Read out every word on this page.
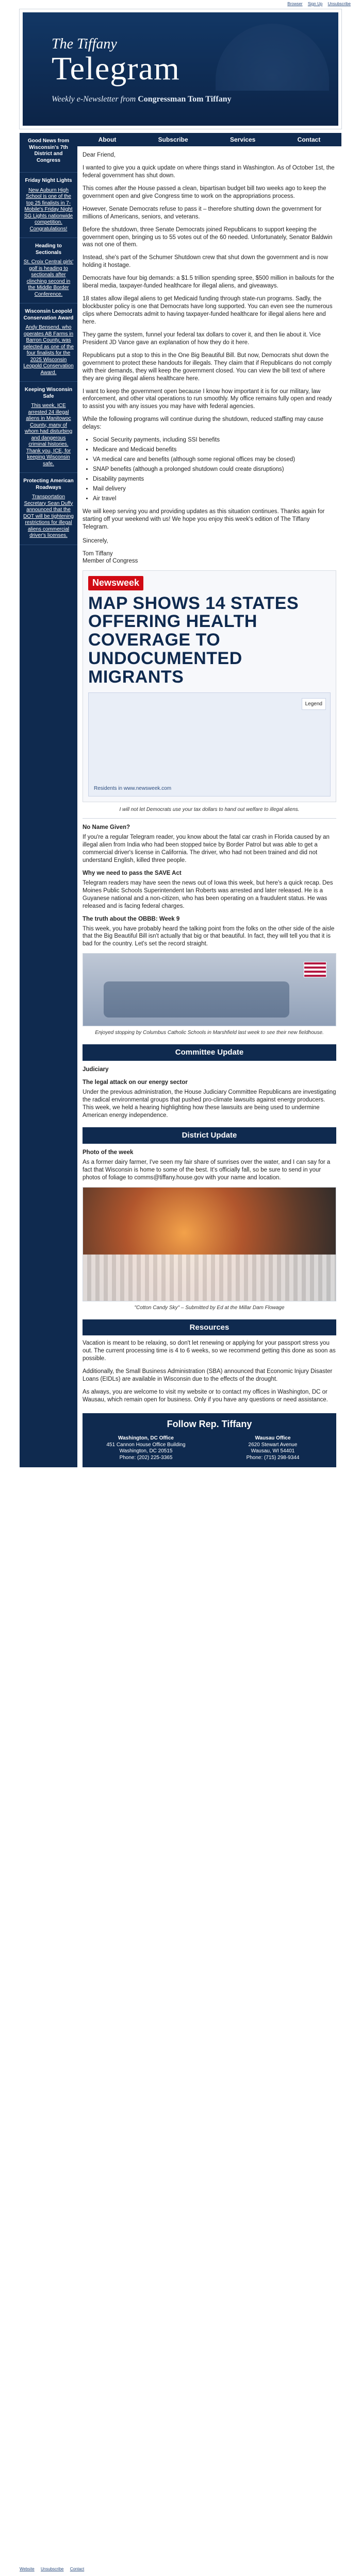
Browser Sign Up Unsubscribe
The Tiffany
Telegram
Weekly e-Newsletter from Congressman Tom Tiffany
Good News from Wisconsin's 7th District and Congress
Friday Night Lights
New Auburn High School is one of the top 25 finalists in 7-Mobile's Friday Night SG Lights nationwide competition. Congratulations!
Heading to Sectionals
St. Croix Central girls' golf is heading to sectionals after clinching second in the Middle Border Conference.
Wisconsin Leopold Conservation Award
Andy Bensend, who operates AB Farms in Barron County, was selected as one of the four finalists for the 2025 Wisconsin Leopold Conservation Award.
Keeping Wisconsin Safe
This week, ICE arrested 24 illegal aliens in Manitowoc County, many of whom had disturbing and dangerous criminal histories. Thank you, ICE, for keeping Wisconsin safe.
Protecting American Roadways
Transportation Secretary Sean Duffy announced that the DOT will be tightening restrictions for illegal aliens commercial driver's licenses.
About	Subscribe	Services	Contact

Dear Friend,

I wanted to give you a quick update on where things stand in Washington. As of October 1st, the federal government has shut down.

This comes after the House passed a clean, bipartisan budget bill two weeks ago to keep the government open and give Congress time to work on the appropriations process.

However, Senate Democrats refuse to pass it – therefore shutting down the government for millions of Americans, seniors, and veterans.

Before the shutdown, three Senate Democrats joined Republicans to support keeping the government open, bringing us to 55 votes out of the 60 needed. Unfortunately, Senator Baldwin was not one of them.

Instead, she's part of the Schumer Shutdown crew that shut down the government and is now holding it hostage.

Democrats have four big demands: a $1.5 trillion spending spree, $500 million in bailouts for the liberal media, taxpayer-funded healthcare for illegal aliens, and giveaways.

18 states allow illegal aliens to get Medicaid funding through state-run programs. Sadly, the blockbuster policy is one that Democrats have long supported. You can even see the numerous clips where Democrats admit to having taxpayer-funded healthcare for illegal aliens here and here.

They game the system, funnel your federal tax dollars to cover it, and then lie about it. Vice President JD Vance gave an explanation of how they do it here.

Republicans put a stop to this in the One Big Beautiful Bill. But now, Democrats shut down the government to protect these handouts for illegals. They claim that if Republicans do not comply with their demands, they will keep the government closed. You can view the bill text of where they are giving illegal aliens healthcare here.

I want to keep the government open because I know how important it is for our military, law enforcement, and other vital operations to run smoothly. My office remains fully open and ready to assist you with any issues you may have with federal agencies.

While the following programs will continue during the shutdown, reduced staffing may cause delays:

• Social Security payments, including SSI benefits
• Medicare and Medicaid benefits
• VA medical care and benefits (although some regional offices may be closed)
• SNAP benefits (although a prolonged shutdown could create disruptions)
• Disability payments
• Mail delivery
• Air travel

We will keep serving you and providing updates as this situation continues. Thanks again for starting off your weekend with us! We hope you enjoy this week's edition of The Tiffany Telegram.

Sincerely,
Tom Tiffany
Member of Congress
Newsweek
MAP SHOWS 14 STATES OFFERING HEALTH COVERAGE TO UNDOCUMENTED MIGRANTS
Legend
Residents in www.newsweek.com
I will not let Democrats use your tax dollars to hand out welfare to illegal aliens.
No Name Given?

If you're a regular Telegram reader, you know about the fatal car crash in Florida caused by an illegal alien from India who had been stopped twice by Border Patrol but was able to get a commercial driver's license in California. The driver, who had not been trained and did not understand English, killed three people.

Why we need to pass the SAVE Act

Telegram readers may have seen the news out of Iowa this week, but here's a quick recap. Des Moines Public Schools Superintendent Ian Roberts was arrested and later released. He is a Guyanese national and a non-citizen, who has been operating on a fraudulent status. He was released and is facing federal charges.

The truth about the OBBB: Week 9

This week, you have probably heard the talking point from the folks on the other side of the aisle that the Big Beautiful Bill isn't actually that big or that beautiful. In fact, they will tell you that it is bad for the country. Let's set the record straight.

Enjoyed stopping by Columbus Catholic Schools in Marshfield last week to see their new fieldhouse.
Committee Update
Judiciary
The legal attack on our energy sector

Under the previous administration, the House Judiciary Committee Republicans are investigating the radical environmental groups that pushed pro-climate lawsuits against energy producers. This week, we held a hearing highlighting how these lawsuits are being used to undermine American energy independence.

District Update
Photo of the week

As a former dairy farmer, I've seen my fair share of sunrises over the water, and I can say for a fact that Wisconsin is home to some of the best. It's officially fall, so be sure to send in your photos of foliage to comms@tiffany.house.gov with your name and location.

"Cotton Candy Sky" – Submitted by Ed at the Millar Dam Flowage
Resources

Vacation is meant to be relaxing, so don't let renewing or applying for your passport stress you out. The current processing time is 4 to 6 weeks, so we recommend getting this done as soon as possible.

Additionally, the Small Business Administration (SBA) announced that Economic Injury Disaster Loans (EIDLs) are available in Wisconsin due to the effects of the drought.

As always, you are welcome to visit my website or to contact my offices in Washington, DC or Wausau, which remain open for business. Only if you have any questions or need assistance.

Follow Rep. Tiffany
Washington, DC Office
451 Cannon House Office Building
Washington, DC 20515
Phone: (202) 225-3365
Wausau Office
2620 Stewart Avenue
Wausau, WI 54401
Phone: (715) 298-9344
Website Unsubscribe Contact
